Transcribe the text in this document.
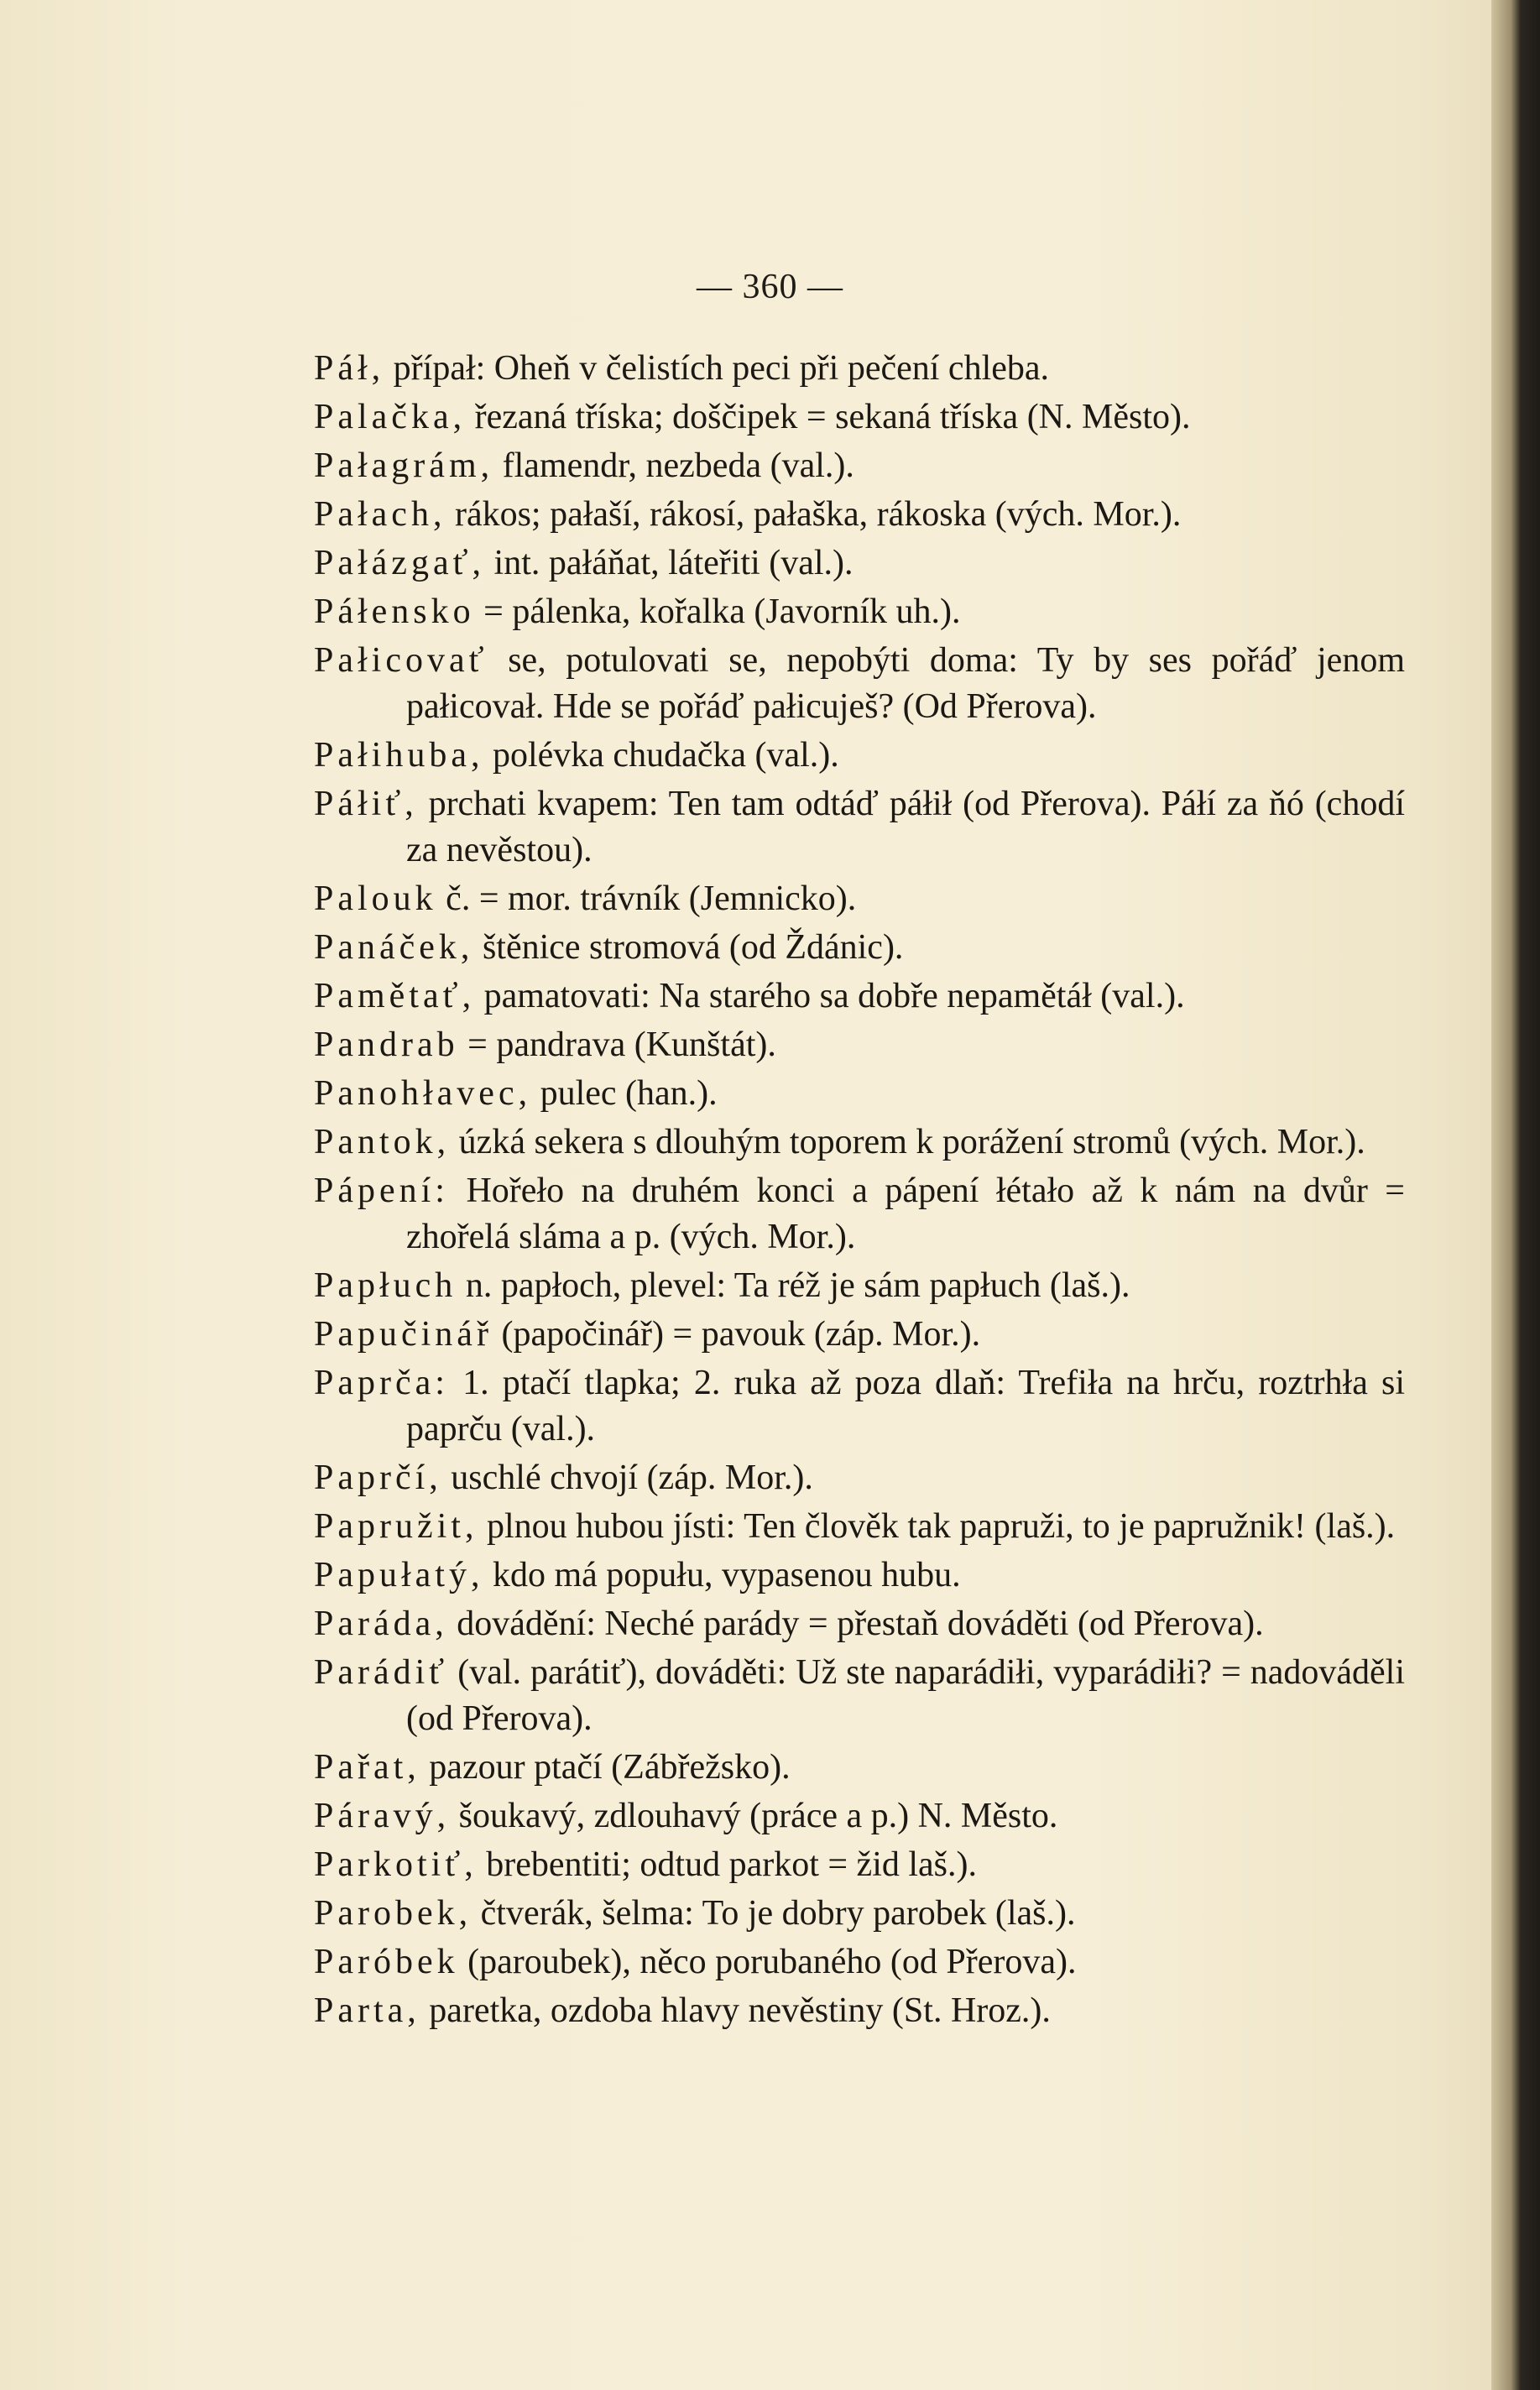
— 360 —
Páł, přípał: Oheň v čelistích peci při pečení chleba.
Palačka, řezaná tříska; doščipek = sekaná tříska (N. Město).
Pałagrám, flamendr, nezbeda (val.).
Pałach, rákos; pałaší, rákosí, pałaška, rákoska (vých. Mor.).
Pałázgať, int. pałáňat, láteřiti (val.).
Páłensko = pálenka, kořalka (Javorník uh.).
Pałicovať se, potulovati se, nepobýti doma: Ty by ses pořáď jenom pałicovał. Hde se pořáď pałicuješ? (Od Přerova).
Pałihuba, polévka chudačka (val.).
Páłiť, prchati kvapem: Ten tam odtáď páłił (od Přerova). Páłí za ňó (chodí za nevěstou).
Palouk č. = mor. trávník (Jemnicko).
Panáček, štěnice stromová (od Ždánic).
Pamětať, pamatovati: Na starého sa dobře nepamětáł (val.).
Pandrab = pandrava (Kunštát).
Panohłavec, pulec (han.).
Pantok, úzká sekera s dlouhým toporem k porážení stromů (vých. Mor.).
Pápení: Hořeło na druhém konci a pápení łétało až k nám na dvůr = zhořelá sláma a p. (vých. Mor.).
Papłuch n. papłoch, plevel: Ta réž je sám papłuch (laš.).
Papučinář (papočinář) = pavouk (záp. Mor.).
Paprča: 1. ptačí tlapka; 2. ruka až poza dlaň: Trefiła na hrču, roztrhła si paprču (val.).
Paprčí, uschlé chvojí (záp. Mor.).
Papružit, plnou hubou jísti: Ten člověk tak papruži, to je papružnik! (laš.).
Papułatý, kdo má popułu, vypasenou hubu.
Paráda, dovádění: Neché parády = přestaň dováděti (od Přerova).
Parádiť (val. parátiť), dováděti: Už ste naparádiłi, vyparádiłi? = nadováděli (od Přerova).
Pařat, pazour ptačí (Zábřežsko).
Páravý, šoukavý, zdlouhavý (práce a p.) N. Město.
Parkotiť, brebentiti; odtud parkot = žid laš.).
Parobek, čtverák, šelma: To je dobry parobek (laš.).
Paróbek (paroubek), něco porubaného (od Přerova).
Parta, paretka, ozdoba hlavy nevěstiny (St. Hroz.).
